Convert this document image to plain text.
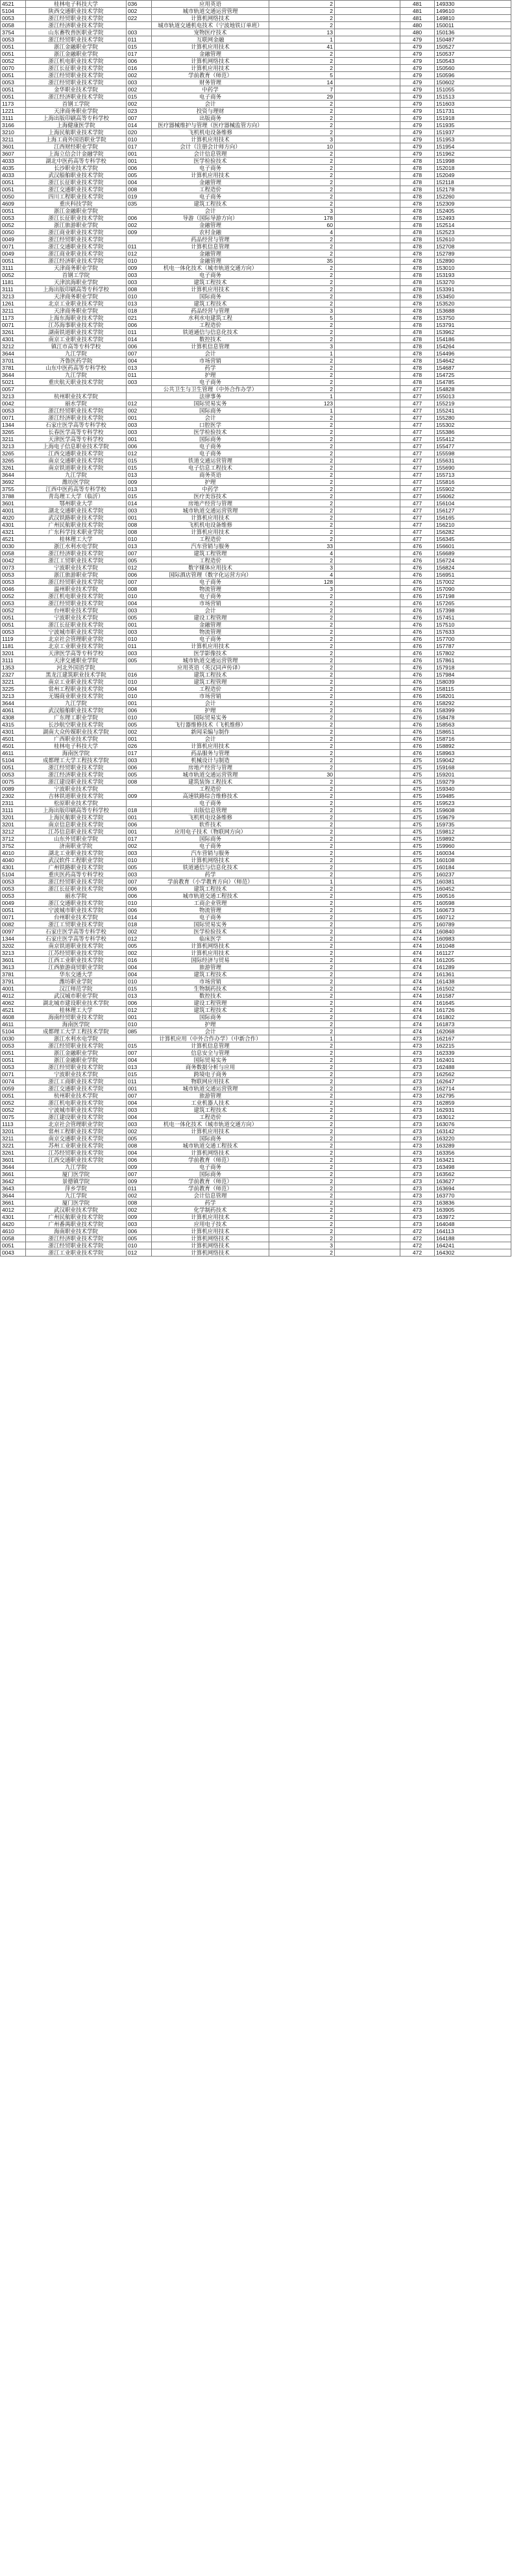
4521	桂林电子科技大学	036	应用英语	2		481	149330
5104	陕西交通职业技术学院	002	城市轨道交通运营管理	2		481	149610
0053	浙江经贸职业技术学院	022	计算机网络技术	2		481	149810
0058	浙江经济职业技术学院		城市轨道交通机电技术（宁波地铁订单班）	2		480	150011
3754	山东畜牧兽医职业学院	003	宠物医疗技术	13		480	150136
0053	浙江经贸职业技术学院	011	互联网金融	1		479	150487
0051	浙江金融职业学院	015	计算机应用技术	41		479	150527
0051	浙江金融职业学院	017	金融管理	2		479	150537
0052	浙江机电职业技术学院	006	计算机网络技术	2		479	150543
0070	浙江长征职业技术学院	016	计算机应用技术	2		479	150560
0051	浙江经贸职业技术学院	002	学前教育（师范）	5		479	150596
0053	浙江经贸职业技术学院	003	财务管理	14		479	150602
0051	金华职业技术学院	002	中药学	7		479	151055
0051	浙江经济职业技术学院	015	电子商务	29		479	151513
1173	首钢工学院	002	会计	2		479	151603
1221	天津商务职业学院	023	投资与理财	2		479	151731
3111	上海出版印刷高等专科学校	007	出版商务	2		479	151918
3166	上海健康医学院	014	医疗器械维护与管理（医疗器械监管方向）	2		479	151935
3210	上海民航职业技术学院	020	飞机机电设备维修	2		479	151937
3211	上海工商外国语职业学院	010	计算机应用技术	3		479	151953
3601	江西财经职业学院	017	会计（注册会计师方向）	10		479	151954
3607	上海立信会计金融学院	001	会计信息管理	2		479	151962
4033	湖北中医药高等专科学校	001	医学检验技术	2		478	151998
4035	长沙职业技术学院	006	电子商务	2		478	152018
4033	武汉船舶职业技术学院	005	计算机应用技术	2		478	152049
0051	浙江长征职业技术学院	004	金融管理	2		478	152118
0051	浙江交通职业技术学院	008	工程造价	2		478	152178
0050	四川工程职业技术学院	019	电子商务	2		478	152260
4609	重庆科技学院	035	建筑工程技术	2		478	152309
0051	浙江金融职业学院		会计	3		478	152405
0053	浙江长征职业技术学院	006	导游（国际导游方向）	178		478	152493
0052	浙江旅游职业学院	002	金融管理	60		478	152514
0050	浙江商业职业技术学院	009	农村金融	4		478	152523
0049	浙江经贸职业技术学院		药品经营与管理	2		478	152610
0071	浙江交通职业技术学院	011	计算机信息管理	2		478	152708
0049	浙江商业职业技术学院	012	金融管理	2		478	152789
0051	浙江经济职业技术学院	010	金融管理	35		478	152890
3111	天津商务职业学院	009	机电一体化技术（城市轨道交通方向）	2		478	153010
0052	首钢工学院	003	电子商务	2		478	153193
1181	天津滨海职业学院	003	建筑工程技术	2		478	153270
3111	上海出版印刷高等专科学校	008	计算机应用技术	2		478	153391
3213	天津商务职业学院	010	国际商务	2		478	153450
1261	北京工业职业技术学院	013	建筑工程技术	2		478	153520
3211	天津商务职业学院	018	药品经营与管理	3		478	153688
1173	上海东海职业技术学院	021	水利水电建筑工程	5		478	153750
0071	江苏海事职业技术学院	006	工程造价	2		478	153791
3261	湖南铁道职业技术学院	011	铁道通信与信息化技术	2		478	153962
4301	南京工业职业技术学院	014	数控技术	2		478	154186
3212	镇江市高等专科学校	006	计算机信息管理	3		478	154264
3644	九江学院	007	会计	1		478	154496
3701	齐鲁医药学院	004	市场营销	2		478	154642
3781	山东中医药高等专科学校	013	药学	2		478	154687
3644	九江学院	011	护理	2		478	154725
5021	重庆航天职业技术学院	003	电子商务	2		478	154785
0057			公共卫生与卫生管理（中外合作办学）	2		477	154828
3213	杭州职业技术学院		法律事务	1		477	155013
0042	丽水学院	012	国际贸易实务	123		477	155219
0053	浙江经贸职业技术学院	002	国际商务	1		477	155241
0071	浙江经济职业技术学院	001	会计	2		477	155280
1344	石家庄医学高等专科学校	003	口腔医学	2		477	155302
3265	长春医学高等专科学校	003	医学检验技术	2		477	155386
3211	天津医学高等专科学校	001	国际商务	2		477	155412
3213	上海电子信息职业技术学院	006	电子商务	2		477	155477
3265	江西交通职业技术学院	012	电子商务	2		477	155598
3265	南京交通职业技术学院	015	铁道交通运营管理	2		477	155631
3261	南京铁道职业技术学院	015	电子信息工程技术	2		477	155690
3644	九江学院	013	商务英语	2		477	155713
3692	潍坊医学院	009	护理	2		477	155816
3755	江西中医药高等专科学校	013	中药学	2		477	155902
3788	青岛理工大学（临沂）	015	医疗美容技术	2		477	156062
3601	鄂州职业大学	014	房地产经营与管理	2		477	156104
4001	湖北交通职业技术学院	003	城市轨道交通运营管理	2		477	156127
4020	武汉铁路职业技术学院	001	计算机应用技术	2		477	156165
4301	广州民航职业技术学院	008	飞机机电设备维修	2		477	156210
4321	广东科学技术职业学院	008	计算机应用技术	2		477	156282
4521	桂林理工大学	010	工程造价	2		477	156345
0030	浙江水利水电学院	013	汽车营销与服务	33		476	156601
0058	浙江经济职业技术学院	007	建筑工程管理	4		476	156689
0042	浙江工贸职业技术学院	005	工程造价	2		476	156724
0073	宁波职业技术学院	012	数字媒体应用技术	3		476	156824
0053	浙江旅游职业学院	006	国际酒店管理（数字化运营方向）	4		476	156951
0053	浙江经贸职业技术学院	007	电子商务	128		476	157002
0046	温州职业技术学院	008	物流管理	3		476	157090
0052	浙江机电职业技术学院	010	电子商务	2		476	157198
0053	浙江经贸职业技术学院	004	市场营销	2		476	157265
0052	台州职业技术学院	003	会计	2		476	157398
0051	宁波职业技术学院	005	建设工程管理	2		476	157451
0051	浙江长征职业技术学院	001	金融管理	2		476	157510
0053	宁波城市职业技术学院	003	物流管理	2		476	157633
1119	北京社会管理职业学院	010	电子商务	2		476	157700
1181	北京工业职业技术学院	011	计算机应用技术	2		476	157787
3201	天津医学高等专科学校	003	医学影像技术	2		476	157802
3111	天津交通职业学院	005	城市轨道交通运营管理	2		476	157861
1353	河北外国语学院		应用英语（英汉同声传译）	2		476	157918
2327	黑龙江建筑职业技术学院	016	建筑工程技术	2		476	157984
3221	南京工业职业技术学院	010	建筑工程管理	2		476	158039
3225	常州工程职业技术学院	004	工程造价	2		476	158115
3213	无锡商业职业技术学院	010	市场营销	2		476	158201
3644	九江学院	001	会计	2		476	158292
4061	武汉船舶职业技术学院	006	护理	2		476	158399
4308	广东理工职业学院	010	国际贸易实务	2		476	158478
4315	长沙航空职业技术学院	005	飞行器维修技术（飞机维修）	2		476	158563
4301	湖南大众传媒职业技术学院	002	新闻采编与制作	2		476	158651
4501	广西职业技术学院	001	会计	2		476	158716
4501	桂林电子科技大学	026	计算机应用技术	2		476	158892
4611	海南医学院	017	药品服务与管理	2		476	158963
5104	成都理工大学工程技术学院	003	机械设计与制造	2		475	159042
0051	浙江经贸职业技术学院	006	房地产经营与管理	2		475	159168
0053	浙江经济职业技术学院	005	城市轨道交通运营管理	30		475	159201
0075	浙江建设职业技术学院	008	建筑装饰工程技术	2		475	159279
0089	宁波职业技术学院		工程造价	2		475	159340
2302	吉林铁道职业技术学院	009	高速铁路综合维修技术	2		475	159485
2311	松原职业技术学院		电子商务	2		475	159523
3111	上海出版印刷高等专科学校	018	出版信息管理	2		475	159608
3201	上海民航职业技术学院	001	飞机机电设备维修	2		475	159679
3201	南京信息职业技术学院	006	软件技术	2		475	159735
3212	江苏信息职业技术学院	001	应用电子技术（物联网方向）	2		475	159812
3712	山东外贸职业学院	017	国际商务	2		475	159892
3752	济南职业学院	002	电子商务	2		475	159960
4010	湖北工业职业技术学院	003	汽车营销与服务	2		475	160034
4040	武汉软件工程职业学院	010	计算机网络技术	2		475	160108
4301	广州铁路职业技术学院	005	铁道通信与信息化技术	2		475	160184
5104	重庆医药高等专科学校	003	药学	2		475	160237
0053	浙江经贸职业技术学院	007	学前教育（小学教育方向）（师范）	1		475	160381
0053	浙江长征职业技术学院	006	建筑工程技术	2		475	160452
0053	丽水学院	006	城市轨道交通工程技术	2		475	160516
0049	浙江交通职业技术学院	010	工商企业管理	2		475	160598
0051	宁波城市职业技术学院	006	物流管理	2		475	160673
0071	台州职业技术学院	014	电子商务	2		475	160712
0082	浙江工贸职业技术学院	018	国际贸易实务	2		475	160789
0097	石家庄医学高等专科学校	002	医学检验技术	2		474	160840
1344	石家庄医学高等专科学校	012	临床医学	2		474	160983
3202	南京铁道职业技术学院	005	计算机网络技术	2		474	161048
3213	江苏经贸职业技术学院	002	计算机应用技术	2		474	161127
3601	江西工业职业技术学院	016	国际经济与贸易	2		474	161205
3613	江西旅游商贸职业学院	004	旅游管理	2		474	161289
3781	华东交通大学	004	建筑工程技术	2		474	161361
3791	潍坊职业学院	010	市场营销	2		474	161438
4001	汉江师范学院	015	生物制药技术	2		474	161502
4012	武汉城市职业学院	013	数控技术	2		474	161587
4062	湖北城市建设职业技术学院	006	建设工程管理	2		474	161645
4521	桂林理工大学	012	建筑工程技术	2		474	161726
4608	海南经贸职业技术学院	001	国际商务	2		474	161802
4611	海南医学院	010	护理	2		474	161873
5104	成都理工大学工程技术学院	085	会计	2		474	162068
0030	浙江水利水电学院		计算机应用（中外合作办学）（中新合作）	1		473	162167
0053	浙江经贸职业技术学院	015	计算机信息管理	2		473	162215
0051	浙江金融职业学院	007	信息安全与管理	2		473	162339
0051	浙江金融职业学院	004	国际贸易实务	2		473	162401
0053	浙江经贸职业技术学院	013	商务数据分析与应用	2		473	162488
0071	宁波职业技术学院	015	跨境电子商务	2		473	162562
0074	浙江工商职业技术学院	011	物联网应用技术	2		473	162647
0059	浙江交通职业技术学院	001	城市轨道交通运营管理	2		473	162714
0051	杭州职业技术学院	007	旅游管理	2		473	162795
0052	浙江机电职业技术学院	004	工业机器人技术	2		473	162859
0052	宁波城市职业技术学院	003	建筑工程技术	2		473	162931
0075	浙江建设职业技术学院	004	工程造价	2		473	163012
1113	北京社会管理职业学院	003	机电一体化技术（城市轨道交通方向）	2		473	163076
3201	常州工程职业技术学院	002	计算机应用技术	2		473	163142
3211	南京交通职业技术学院	005	国际商务	2		473	163220
3221	苏州工业职业技术学院	008	城市轨道交通工程技术	2		473	163289
3261	江苏经贸职业技术学院	004	计算机网络技术	2		473	163356
3601	江西交通职业技术学院	006	学前教育（师范）	2		473	163421
3644	九江学院	009	电子商务	2		473	163498
3661	厦门医学院	007	国际商务	2		473	163562
3642	景德镇学院	009	学前教育（师范）	2		473	163627
3643	萍乡学院	011	学前教育（师范）	2		473	163694
3644	九江学院	002	会计信息管理	2		473	163770
3661	厦门医学院	008	药学	2		473	163836
4012	武汉职业技术学院	002	化学制药技术	2		473	163905
4301	广州民航职业技术学院	009	计算机应用技术	2		473	163972
4420	广州番禺职业技术学院	003	应用电子技术	2		473	164048
4610	海南职业技术学院	006	计算机应用技术	2		472	164113
0058	浙江经济职业技术学院	005	计算机网络技术	2		472	164188
0051	浙江经贸职业技术学院	010	计算机网络技术	3		472	164241
0043	浙江工业职业技术学院	012	计算机网络技术	2		472	164302
